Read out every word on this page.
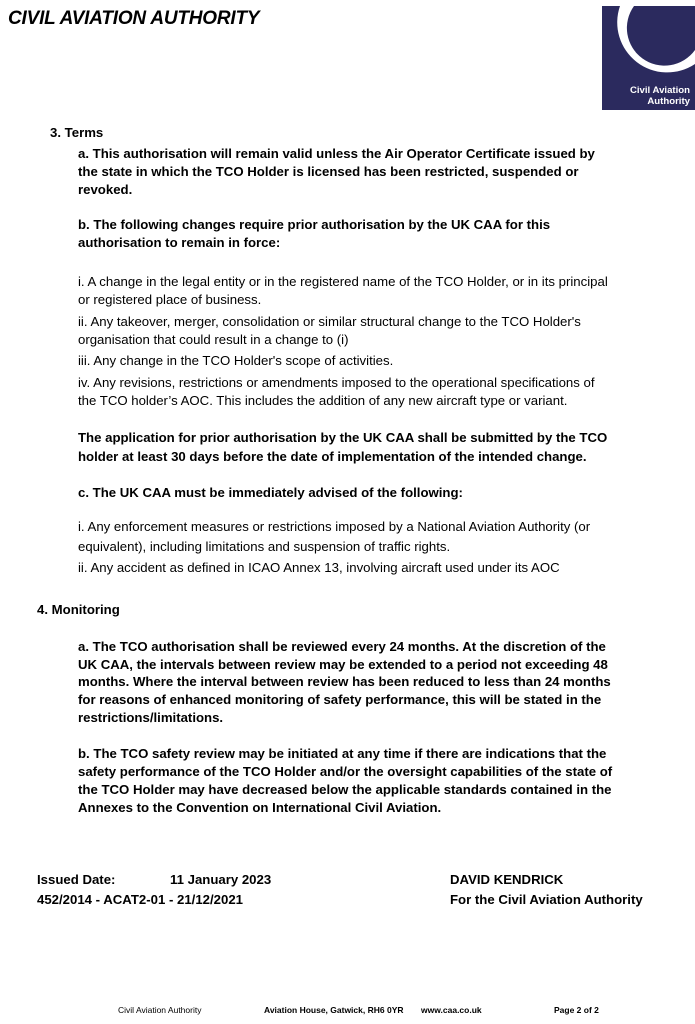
CIVIL AVIATION AUTHORITY
Civil Aviation
Authority
3. Terms
a. This authorisation will remain valid unless the Air Operator Certificate issued by
the state in which the TCO Holder is licensed has been restricted, suspended or
revoked.
b. The following changes require prior authorisation by the UK CAA for this
authorisation to remain in force:
i. A change in the legal entity or in the registered name of the TCO Holder, or in its principal
or registered place of business.
ii. Any takeover, merger, consolidation or similar structural change to the TCO Holder's
organisation that could result in a change to (i)
iii. Any change in the TCO Holder's scope of activities.
iv. Any revisions, restrictions or amendments imposed to the operational specifications of
the TCO holder’s AOC. This includes the addition of any new aircraft type or variant.
The application for prior authorisation by the UK CAA shall be submitted by the TCO
holder at least 30 days before the date of implementation of the intended change.
c. The UK CAA must be immediately advised of the following:
i. Any enforcement measures or restrictions imposed by a National Aviation Authority (or
equivalent), including limitations and suspension of traffic rights.
ii. Any accident as defined in ICAO Annex 13, involving aircraft used under its AOC
4. Monitoring
a. The TCO authorisation shall be reviewed every 24 months. At the discretion of the
UK CAA, the intervals between review may be extended to a period not exceeding 48
months. Where the interval between review has been reduced to less than 24 months
for reasons of enhanced monitoring of safety performance, this will be stated in the
restrictions/limitations.
b. The TCO safety review may be initiated at any time if there are indications that the
safety performance of the TCO Holder and/or the oversight capabilities of the state of
the TCO Holder may have decreased below the applicable standards contained in the
Annexes to the Convention on International Civil Aviation.
Issued Date:	11 January 2023	DAVID KENDRICK
452/2014 - ACAT2-01 - 21/12/2021	For the Civil Aviation Authority
Civil Aviation Authority	Aviation House, Gatwick, RH6 0YR www.caa.co.uk	Page 2 of 2
